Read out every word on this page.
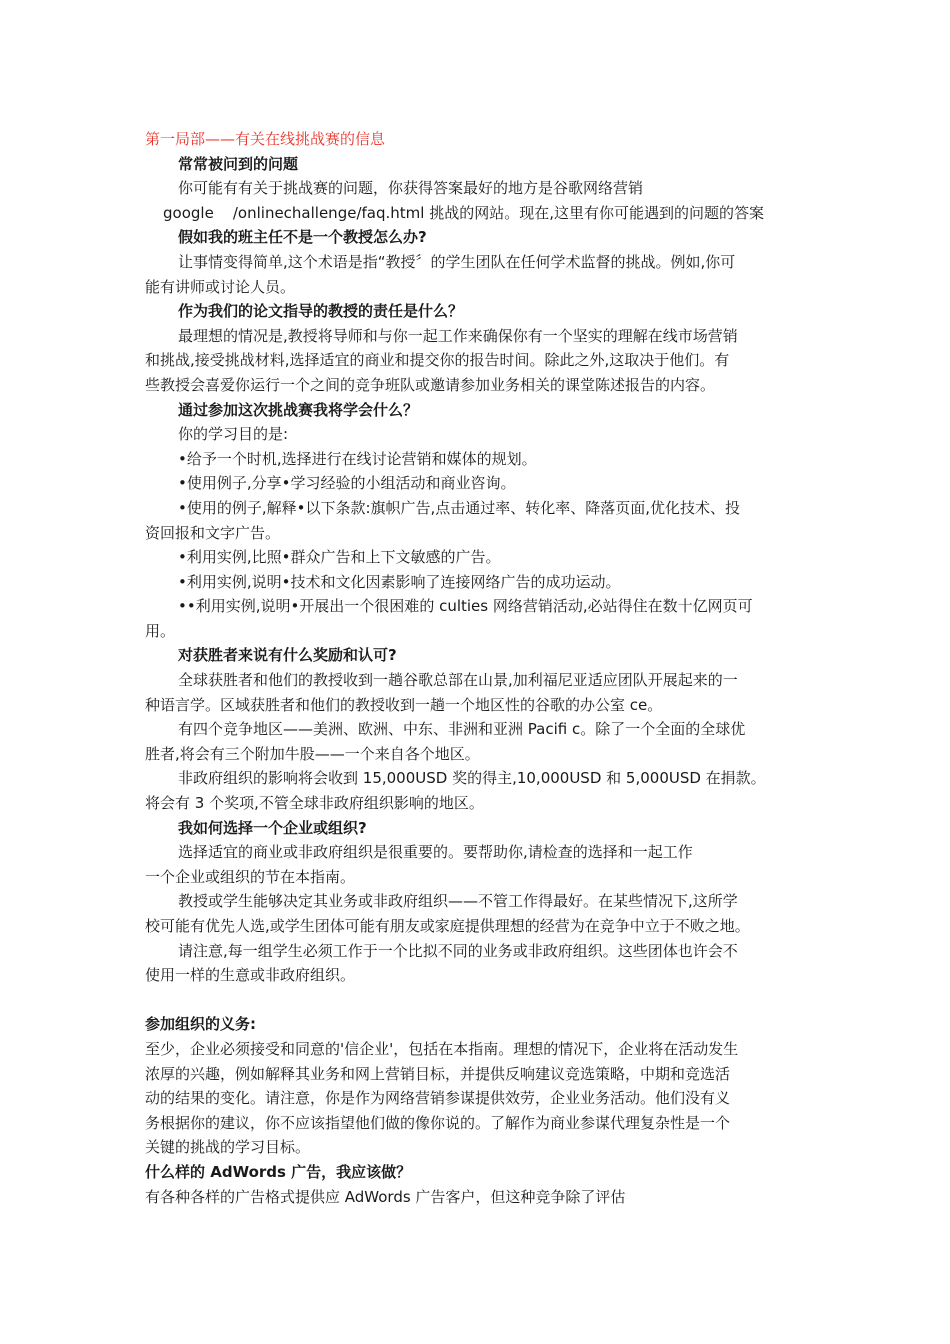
第一局部——有关在线挑战赛的信息
常常被问到的问题
你可能有有关于挑战赛的问题，你获得答案最好的地方是谷歌网络营销
google    /onlinechallenge/faq.html 挑战的网站。现在,这里有你可能遇到的问题的答案
假如我的班主任不是一个教授怎么办?
让事情变得简单,这个术语是指“教授〞的学生团队在任何学术监督的挑战。例如,你可
能有讲师或讨论人员。
作为我们的论文指导的教授的责任是什么？
最理想的情况是,教授将导师和与你一起工作来确保你有一个坚实的理解在线市场营销
和挑战,接受挑战材料,选择适宜的商业和提交你的报告时间。除此之外,这取决于他们。有
些教授会喜爱你运行一个之间的竞争班队或邀请参加业务相关的课堂陈述报告的内容。
通过参加这次挑战赛我将学会什么？
你的学习目的是:
•给予一个时机,选择进行在线讨论营销和媒体的规划。
•使用例子,分享•学习经验的小组活动和商业咨询。
•使用的例子,解释•以下条款:旗帜广告,点击通过率、转化率、降落页面,优化技术、投
资回报和文字广告。
•利用实例,比照•群众广告和上下文敏感的广告。
•利用实例,说明•技术和文化因素影响了连接网络广告的成功运动。
••利用实例,说明•开展出一个很困难的 culties 网络营销活动,必站得住在数十亿网页可
用。
对获胜者来说有什么奖励和认可?
全球获胜者和他们的教授收到一趟谷歌总部在山景,加利福尼亚适应团队开展起来的一
种语言学。区域获胜者和他们的教授收到一趟一个地区性的谷歌的办公室 ce。
有四个竞争地区——美洲、欧洲、中东、非洲和亚洲 Pacifi c。除了一个全面的全球优
胜者,将会有三个附加牛股——一个来自各个地区。
非政府组织的影响将会收到 15,000USD 奖的得主,10,000USD 和 5,000USD 在捐款。
将会有 3 个奖项,不管全球非政府组织影响的地区。
我如何选择一个企业或组织?
选择适宜的商业或非政府组织是很重要的。要帮助你,请检查的选择和一起工作
一个企业或组织的节在本指南。
教授或学生能够决定其业务或非政府组织——不管工作得最好。在某些情况下,这所学
校可能有优先人选,或学生团体可能有朋友或家庭提供理想的经营为在竞争中立于不败之地。
请注意,每一组学生必须工作于一个比拟不同的业务或非政府组织。这些团体也许会不
使用一样的生意或非政府组织。
参加组织的义务:
至少，企业必须接受和同意的'信企业'，包括在本指南。理想的情况下，企业将在活动发生
浓厚的兴趣，例如解释其业务和网上营销目标，并提供反响建议竞选策略，中期和竞选活
动的结果的变化。请注意，你是作为网络营销参谋提供效劳，企业业务活动。他们没有义
务根据你的建议，你不应该指望他们做的像你说的。了解作为商业参谋代理复杂性是一个
关键的挑战的学习目标。
什么样的 AdWords 广告，我应该做？
有各种各样的广告格式提供应 AdWords 广告客户，但这种竞争除了评估
